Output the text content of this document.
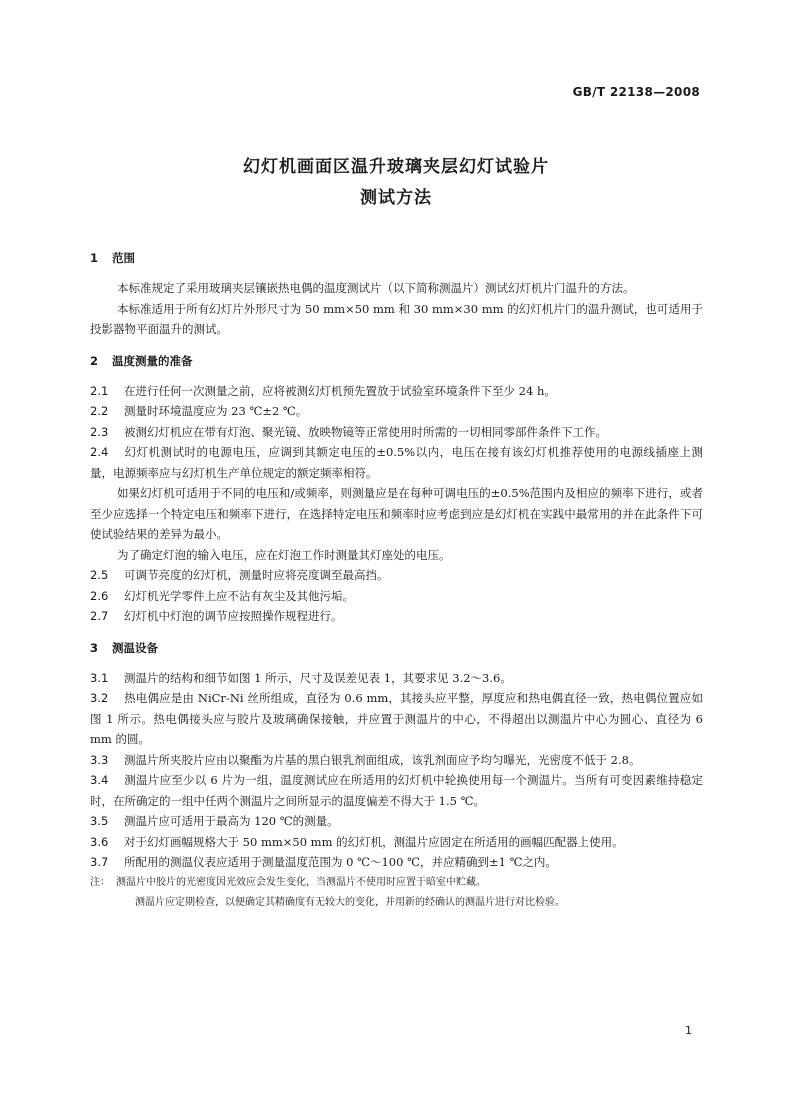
GB/T 22138—2008
幻灯机画面区温升玻璃夹层幻灯试验片
测试方法
1 范围

本标准规定了采用玻璃夹层镶嵌热电偶的温度测试片（以下简称测温片）测试幻灯机片门温升的方法。

本标准适用于所有幻灯片外形尺寸为 50 mm×50 mm 和 30 mm×30 mm 的幻灯机片门的温升测试，也可适用于投影器物平面温升的测试。

2 温度测量的准备

2.1 在进行任何一次测量之前，应将被测幻灯机预先置放于试验室环境条件下至少 24 h。

2.2 测量时环境温度应为 23 ℃±2 ℃。

2.3 被测幻灯机应在带有灯泡、聚光镜、放映物镜等正常使用时所需的一切相同零部件条件下工作。

2.4 幻灯机测试时的电源电压，应调到其额定电压的±0.5%以内，电压在接有该幻灯机推荐使用的电源线插座上测量，电源频率应与幻灯机生产单位规定的额定频率相符。

如果幻灯机可适用于不同的电压和/或频率，则测量应是在每种可调电压的±0.5%范围内及相应的频率下进行，或者至少应选择一个特定电压和频率下进行，在选择特定电压和频率时应考虑到应是幻灯机在实践中最常用的并在此条件下可使试验结果的差异为最小。

为了确定灯泡的输入电压，应在灯泡工作时测量其灯座处的电压。

2.5 可调节亮度的幻灯机，测量时应将亮度调至最高挡。

2.6 幻灯机光学零件上应不沾有灰尘及其他污垢。

2.7 幻灯机中灯泡的调节应按照操作规程进行。

3 测温设备

3.1 测温片的结构和细节如图 1 所示，尺寸及误差见表 1，其要求见 3.2～3.6。

3.2 热电偶应是由 NiCr-Ni 丝所组成，直径为 0.6 mm，其接头应平整，厚度应和热电偶直径一致，热电偶位置应如图 1 所示。热电偶接头应与胶片及玻璃确保接触，并应置于测温片的中心，不得超出以测温片中心为圆心、直径为 6 mm 的圆。

3.3 测温片所夹胶片应由以聚酯为片基的黑白银乳剂面组成，该乳剂面应予均匀曝光，光密度不低于 2.8。

3.4 测温片应至少以 6 片为一组，温度测试应在所适用的幻灯机中轮换使用每一个测温片。当所有可变因素维持稳定时，在所确定的一组中任两个测温片之间所显示的温度偏差不得大于 1.5 ℃。

3.5 测温片应可适用于最高为 120 ℃的测量。

3.6 对于幻灯画幅规格大于 50 mm×50 mm 的幻灯机，测温片应固定在所适用的画幅匹配器上使用。

3.7 所配用的测温仪表应适用于测量温度范围为 0 ℃～100 ℃，并应精确到±1 ℃之内。

注： 测温片中胶片的光密度因光效应会发生变化，当测温片不使用时应置于暗室中贮藏。

测温片应定期检查，以便确定其精确度有无较大的变化，并用新的经确认的测温片进行对比检验。

1
